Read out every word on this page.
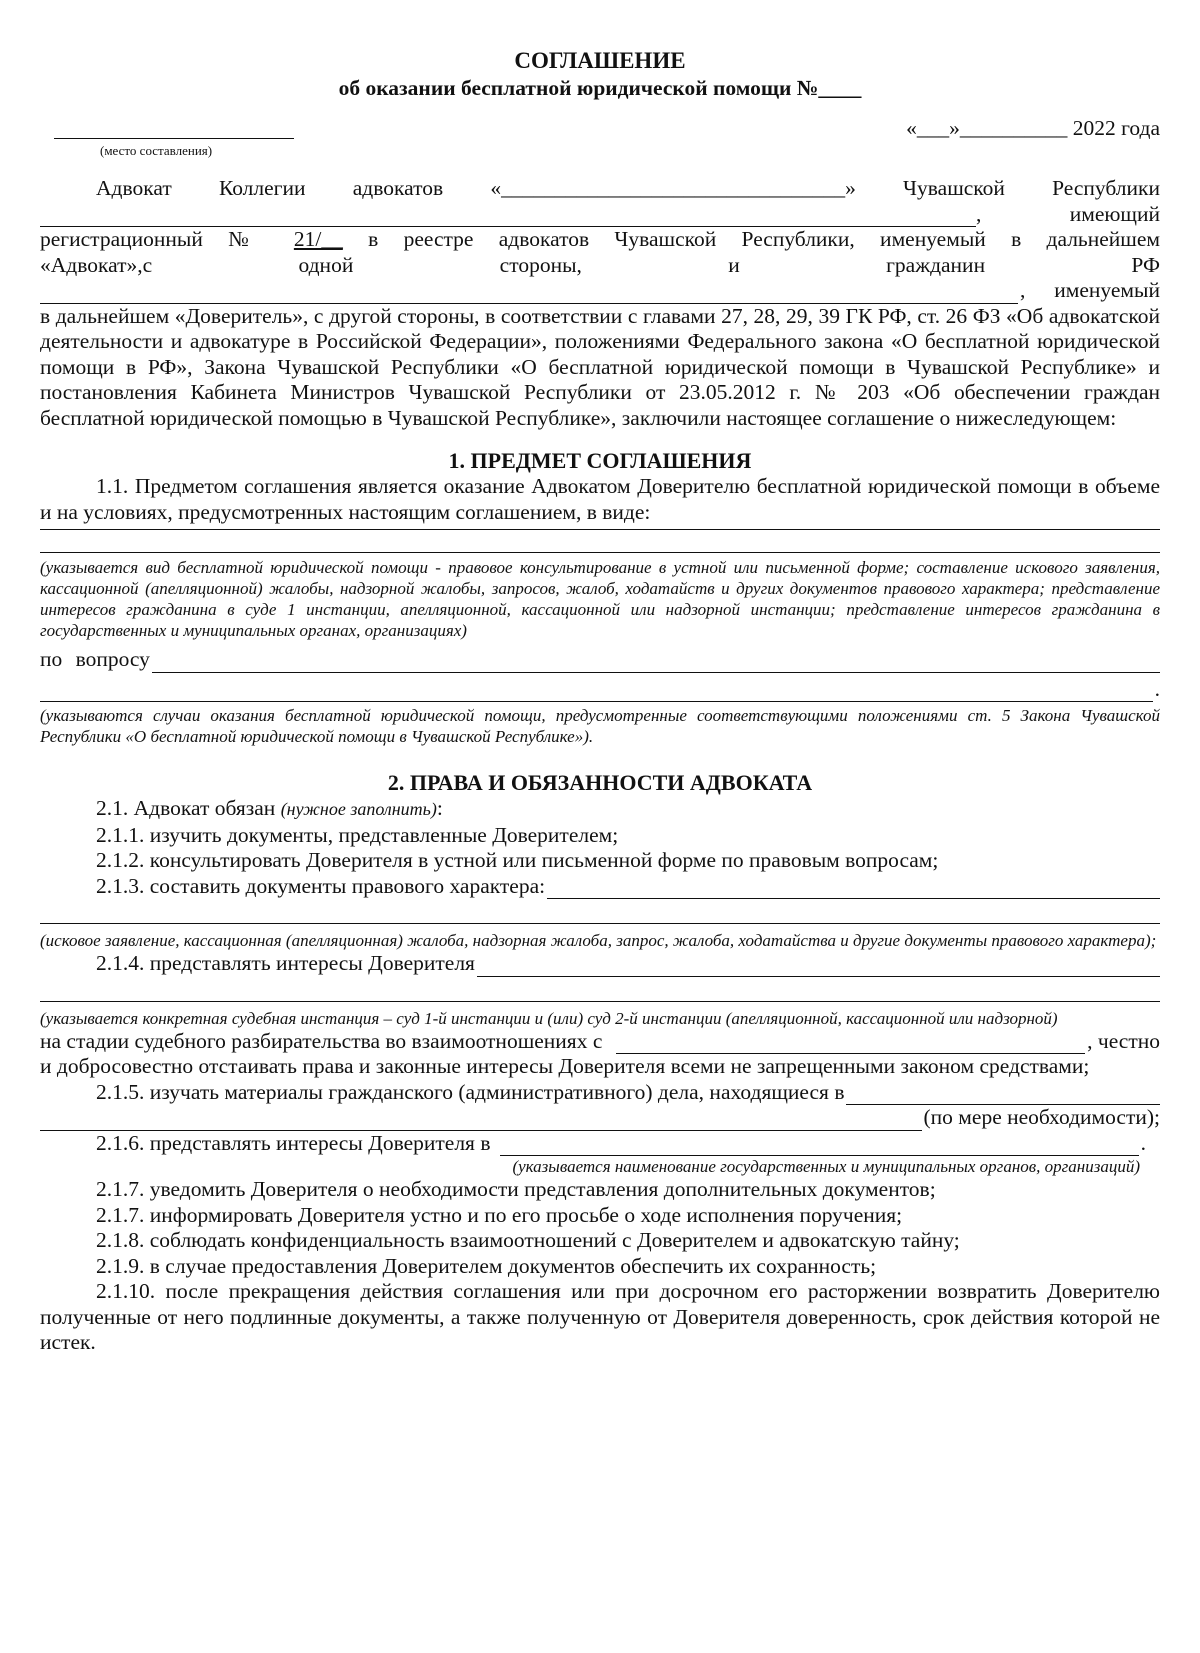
СОГЛАШЕНИЕ
об оказании бесплатной юридической помощи №____
(место составления)
«___»__________ 2022 года
Адвокат Коллегии адвокатов «________________________________» Чувашской Республики
, имеющий
регистрационный № 21/__ в реестре адвокатов Чувашской Республики, именуемый в дальнейшем
«Адвокат»,с одной стороны, и гражданин РФ
, именуемый
в дальнейшем «Доверитель», с другой стороны, в соответствии с главами 27, 28, 29, 39 ГК РФ, ст. 26 ФЗ «Об адвокатской деятельности и адвокатуре в Российской Федерации», положениями Федерального закона «О бесплатной юридической помощи в РФ», Закона Чувашской Республики «О бесплатной юридической помощи в Чувашской Республике» и постановления Кабинета Министров Чувашской Республики от 23.05.2012 г. № 203 «Об обеспечении граждан бесплатной юридической помощью в Чувашской Республике», заключили настоящее соглашение о нижеследующем:
1. ПРЕДМЕТ СОГЛАШЕНИЯ
1.1. Предметом соглашения является оказание Адвокатом Доверителю бесплатной юридической помощи в объеме и на условиях, предусмотренных настоящим соглашением, в виде:
(указывается вид бесплатной юридической помощи - правовое консультирование в устной или письменной форме; составление искового заявления, кассационной (апелляционной) жалобы, надзорной жалобы, запросов, жалоб, ходатайств и других документов правового характера; представление интересов гражданина в суде 1 инстанции, апелляционной, кассационной или надзорной инстанции; представление интересов гражданина в государственных и муниципальных органах, организациях)
по вопросу
.
(указываются случаи оказания бесплатной юридической помощи, предусмотренные соответствующими положениями ст. 5 Закона Чувашской Республики «О бесплатной юридической помощи в Чувашской Республике»).
2. ПРАВА И ОБЯЗАННОСТИ АДВОКАТА
2.1. Адвокат обязан (нужное заполнить):
2.1.1. изучить документы, представленные Доверителем;
2.1.2. консультировать Доверителя в устной или письменной форме по правовым вопросам;
2.1.3. составить документы правового характера:
(исковое заявление, кассационная (апелляционная) жалоба, надзорная жалоба, запрос, жалоба, ходатайства и другие документы правового характера);
2.1.4. представлять интересы Доверителя
(указывается конкретная судебная инстанция – суд 1-й инстанции и (или) суд 2-й инстанции (апелляционной, кассационной или надзорной)
на стадии судебного разбирательства во взаимоотношениях с	, честно
и добросовестно отстаивать права и законные интересы Доверителя всеми не запрещенными законом средствами;
2.1.5. изучать материалы гражданского (административного) дела, находящиеся в
(по мере необходимости);
2.1.6. представлять интересы Доверителя в	.
(указывается наименование государственных и муниципальных органов, организаций)
2.1.7. уведомить Доверителя о необходимости представления дополнительных документов;
2.1.7. информировать Доверителя устно и по его просьбе о ходе исполнения поручения;
2.1.8. соблюдать конфиденциальность взаимоотношений с Доверителем и адвокатскую тайну;
2.1.9. в случае предоставления Доверителем документов обеспечить их сохранность;
2.1.10. после прекращения действия соглашения или при досрочном его расторжении возвратить Доверителю полученные от него подлинные документы, а также полученную от Доверителя доверенность, срок действия которой не истек.
